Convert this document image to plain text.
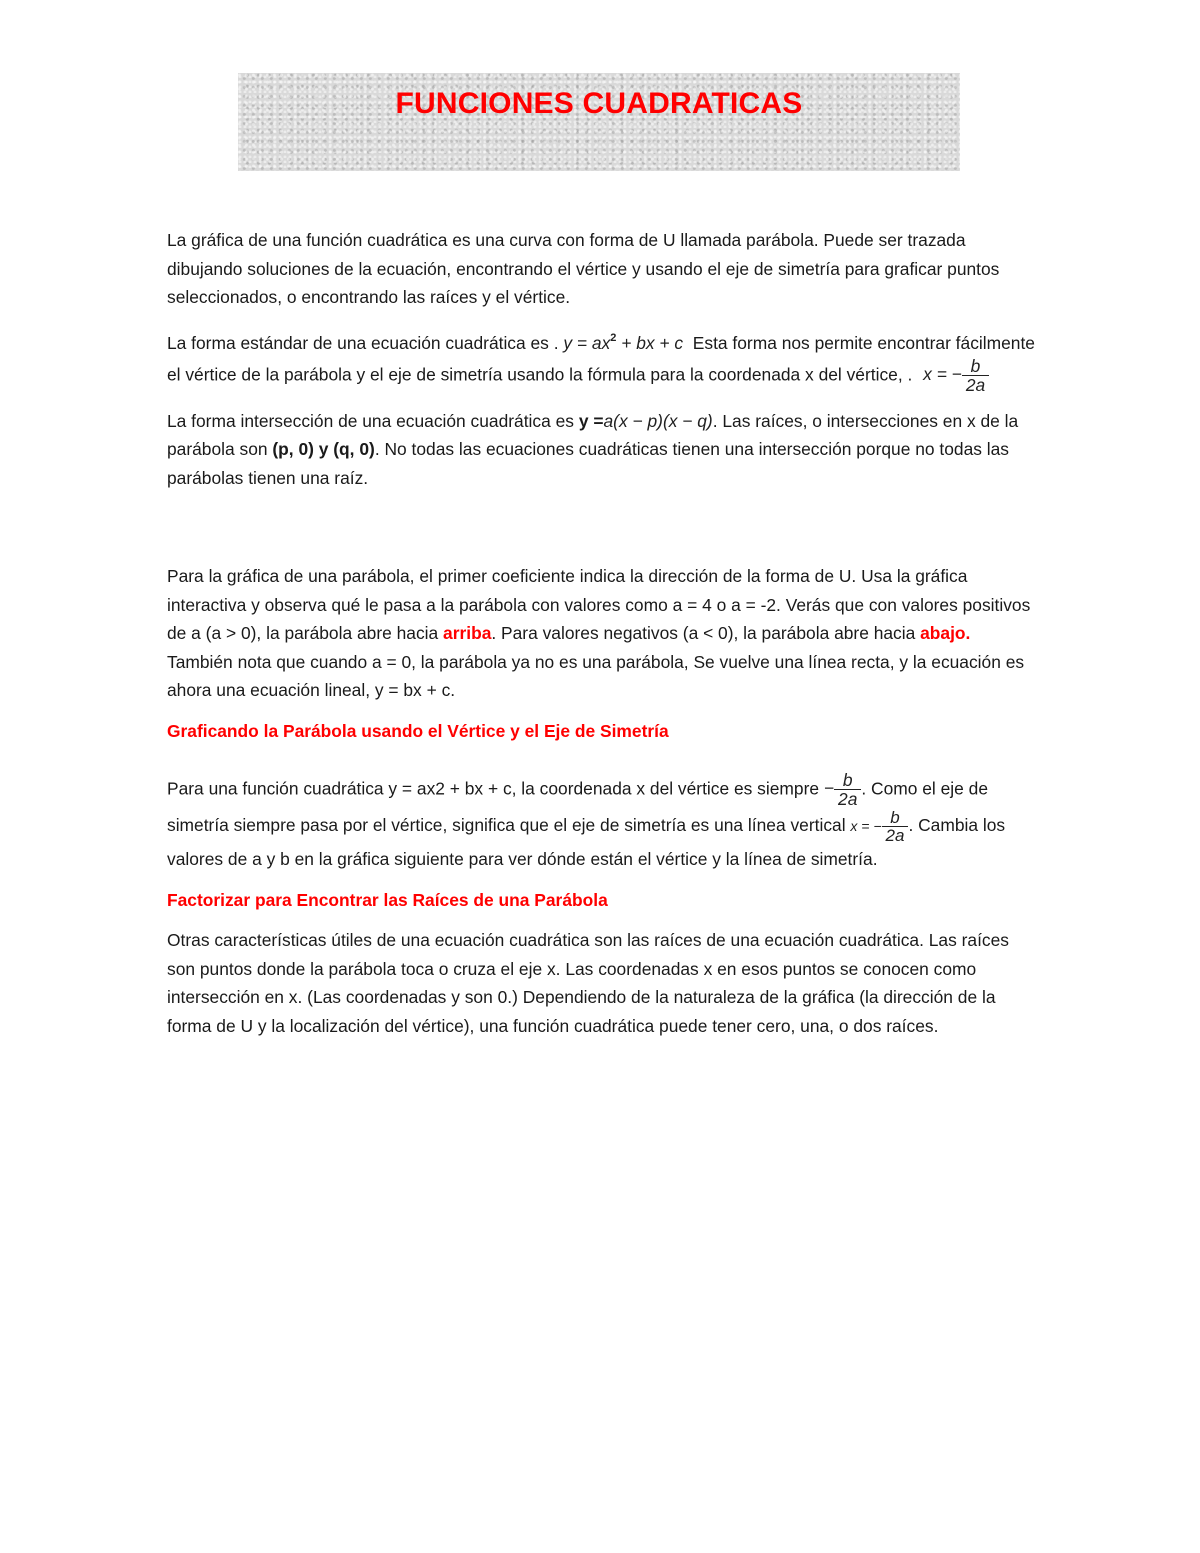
FUNCIONES CUADRATICAS

La gráfica de una función cuadrática es una curva con forma de U llamada parábola. Puede ser trazada dibujando soluciones de la ecuación, encontrando el vértice y usando el eje de simetría para graficar puntos seleccionados, o encontrando las raíces y el vértice.

La forma estándar de una ecuación cuadrática es . $y = ax^2$ + bx + c Esta forma nos permite encontrar fácilmente el vértice de la parábola y el eje de simetría usando la fórmula para la coordenada x del vértice, . x = − $\frac{b}{2a}$

La forma intersección de una ecuación cuadrática es y =a(x − p)(x − q). Las raíces, o intersecciones en x de la parábola son (p, 0) y (q, 0). No todas las ecuaciones cuadráticas tienen una intersección porque no todas las parábolas tienen una raíz.

Para la gráfica de una parábola, el primer coeficiente indica la dirección de la forma de U. Usa la gráfica interactiva y observa qué le pasa a la parábola con valores como a = 4 o a = -2. Verás que con valores positivos de a (a > 0), la parábola abre hacia arriba. Para valores negativos (a < 0), la parábola abre hacia abajo. También nota que cuando a = 0, la parábola ya no es una parábola, Se vuelve una línea recta, y la ecuación es ahora una ecuación lineal, y = bx + c.

Graficando la Parábola usando el Vértice y el Eje de Simetría

Para una función cuadrática y = ax2 + bx + c, la coordenada x del vértice es siempre − $\frac{b}{2a}$ . Como el eje de simetría siempre pasa por el vértice, significa que el eje de simetría es una línea vertical x = − $\frac{b}{2a}$ . Cambia los valores de a y b en la gráfica siguiente para ver dónde están el vértice y la línea de simetría.

Factorizar para Encontrar las Raíces de una Parábola

Otras características útiles de una ecuación cuadrática son las raíces de una ecuación cuadrática. Las raíces son puntos donde la parábola toca o cruza el eje x. Las coordenadas x en esos puntos se conocen como intersección en x. (Las coordenadas y son 0.) Dependiendo de la naturaleza de la gráfica (la dirección de la forma de U y la localización del vértice), una función cuadrática puede tener cero, una, o dos raíces.
